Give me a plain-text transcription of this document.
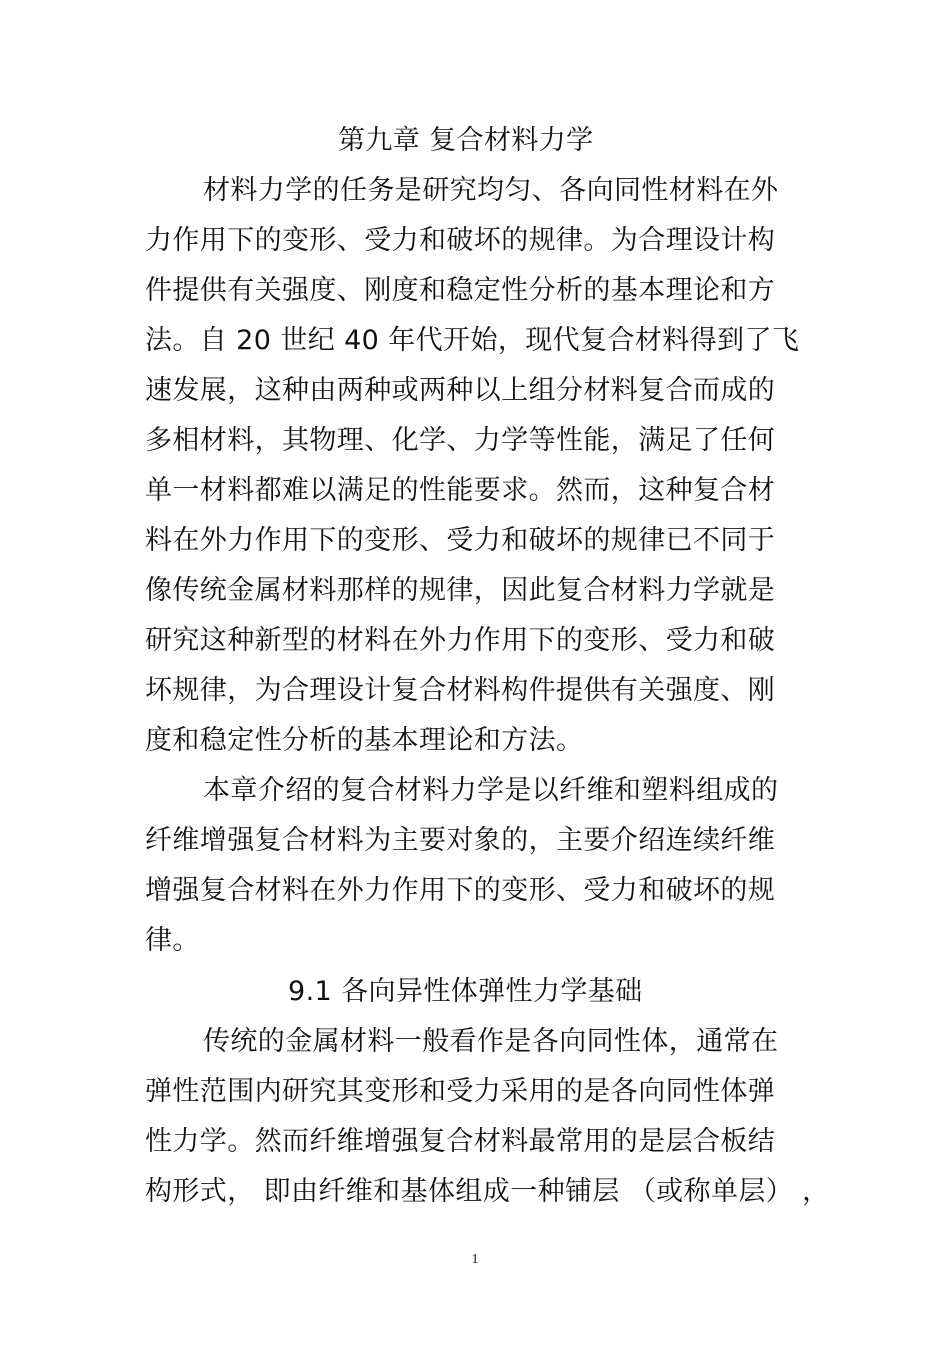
第九章 复合材料力学
材料力学的任务是研究均匀、各向同性材料在外
力作用下的变形、受力和破坏的规律。为合理设计构
件提供有关强度、刚度和稳定性分析的基本理论和方
法。自 20 世纪 40 年代开始，现代复合材料得到了飞
速发展，这种由两种或两种以上组分材料复合而成的
多相材料，其物理、化学、力学等性能，满足了任何
单一材料都难以满足的性能要求。然而，这种复合材
料在外力作用下的变形、受力和破坏的规律已不同于
像传统金属材料那样的规律，因此复合材料力学就是
研究这种新型的材料在外力作用下的变形、受力和破
坏规律，为合理设计复合材料构件提供有关强度、刚
度和稳定性分析的基本理论和方法。
本章介绍的复合材料力学是以纤维和塑料组成的
纤维增强复合材料为主要对象的，主要介绍连续纤维
增强复合材料在外力作用下的变形、受力和破坏的规
律。
9.1 各向异性体弹性力学基础
传统的金属材料一般看作是各向同性体，通常在
弹性范围内研究其变形和受力采用的是各向同性体弹
性力学。然而纤维增强复合材料最常用的是层合板结
构形式， 即由纤维和基体组成一种铺层 （或称单层） ，
1
